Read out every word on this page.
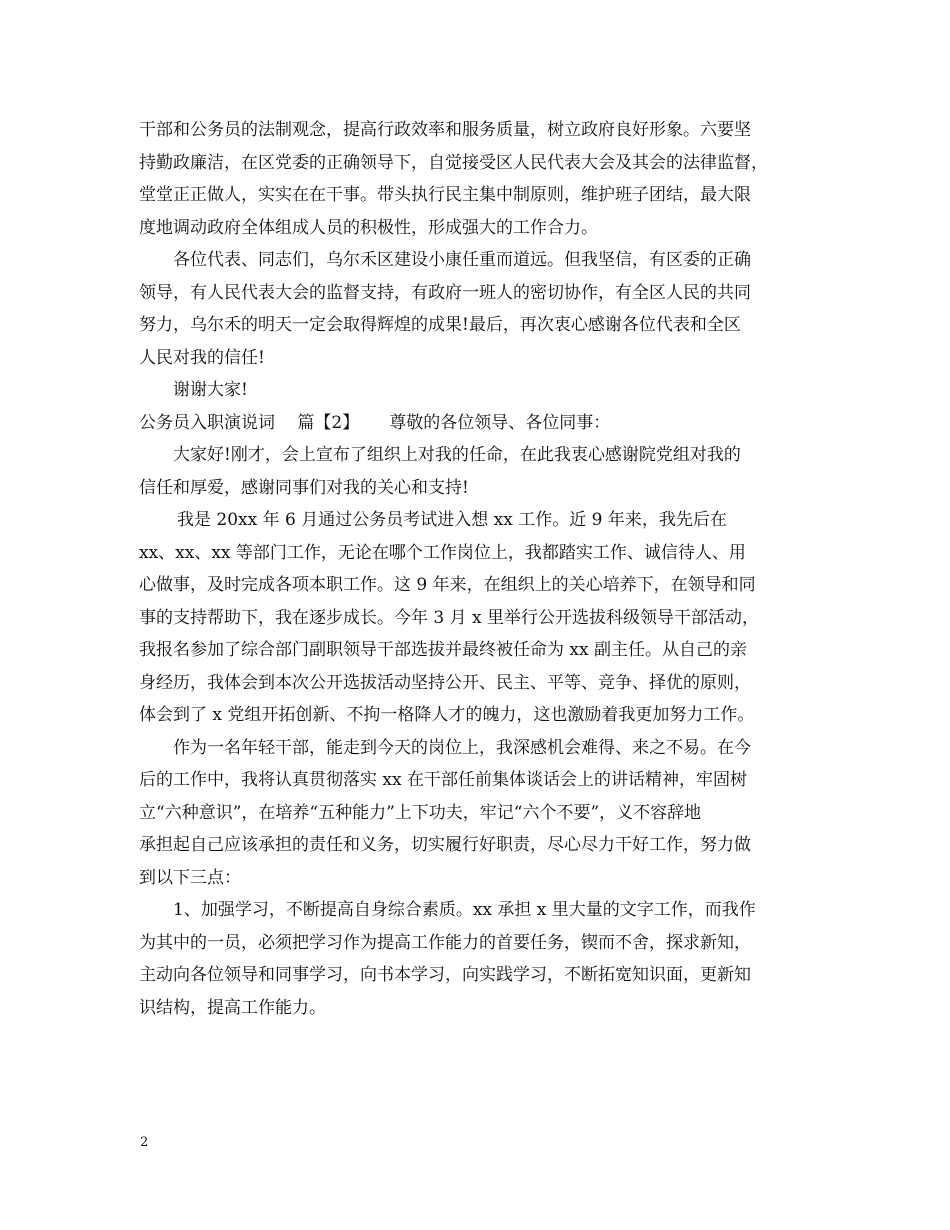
干部和公务员的法制观念，提高行政效率和服务质量，树立政府良好形象。六要坚
持勤政廉洁，在区党委的正确领导下，自觉接受区人民代表大会及其会的法律监督，
堂堂正正做人，实实在在干事。带头执行民主集中制原则，维护班子团结，最大限
度地调动政府全体组成人员的积极性，形成强大的工作合力。
各位代表、同志们，乌尔禾区建设小康任重而道远。但我坚信，有区委的正确
领导，有人民代表大会的监督支持，有政府一班人的密切协作，有全区人民的共同
努力，乌尔禾的明天一定会取得辉煌的成果!最后，再次衷心感谢各位代表和全区
人民对我的信任!
谢谢大家!
公务员入职演说词　 篇【2】 尊敬的各位领导、各位同事：
大家好!刚才，会上宣布了组织上对我的任命，在此我衷心感谢院党组对我的
信任和厚爱，感谢同事们对我的关心和支持!
我是 20xx 年 6 月通过公务员考试进入想 xx 工作。近 9 年来，我先后在
xx、xx、xx 等部门工作，无论在哪个工作岗位上，我都踏实工作、诚信待人、用
心做事，及时完成各项本职工作。这 9 年来，在组织上的关心培养下，在领导和同
事的支持帮助下，我在逐步成长。今年 3 月 x 里举行公开选拔科级领导干部活动，
我报名参加了综合部门副职领导干部选拔并最终被任命为 xx 副主任。从自己的亲
身经历，我体会到本次公开选拔活动坚持公开、民主、平等、竞争、择优的原则，
体会到了 x 党组开拓创新、不拘一格降人才的魄力，这也激励着我更加努力工作。
作为一名年轻干部，能走到今天的岗位上，我深感机会难得、来之不易。在今
后的工作中，我将认真贯彻落实 xx 在干部任前集体谈话会上的讲话精神，牢固树
立“六种意识”，在培养“五种能力”上下功夫，牢记“六个不要”，义不容辞地
承担起自己应该承担的责任和义务，切实履行好职责，尽心尽力干好工作，努力做
到以下三点：
1、加强学习，不断提高自身综合素质。xx 承担 x 里大量的文字工作，而我作
为其中的一员，必须把学习作为提高工作能力的首要任务，锲而不舍，探求新知，
主动向各位领导和同事学习，向书本学习，向实践学习，不断拓宽知识面，更新知
识结构，提高工作能力。
2
